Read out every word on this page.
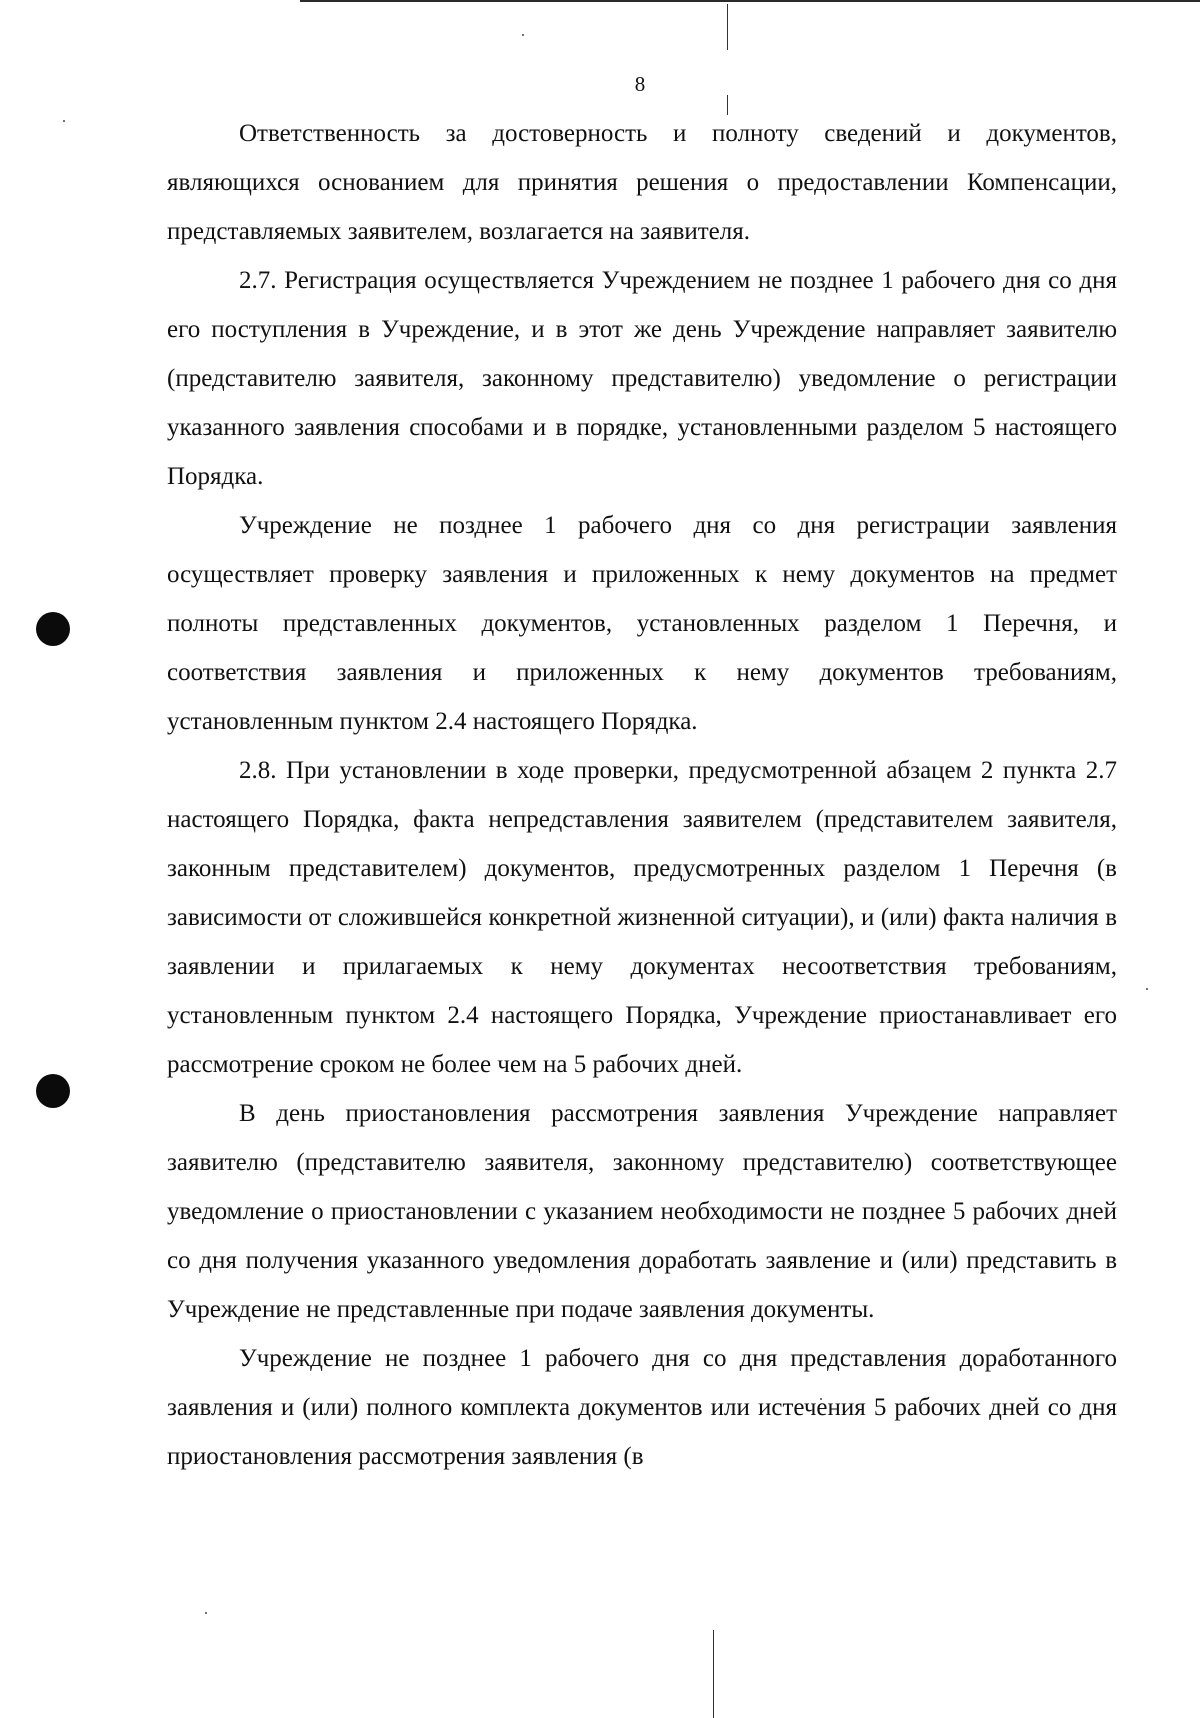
8

Ответственность за достоверность и полноту сведений и документов, являющихся основанием для принятия решения о предоставлении Компенсации, представляемых заявителем, возлагается на заявителя.

2.7. Регистрация осуществляется Учреждением не позднее 1 рабочего дня со дня его поступления в Учреждение, и в этот же день Учреждение направляет заявителю (представителю заявителя, законному представителю) уведомление о регистрации указанного заявления способами и в порядке, установленными разделом 5 настоящего Порядка.

Учреждение не позднее 1 рабочего дня со дня регистрации заявления осуществляет проверку заявления и приложенных к нему документов на предмет полноты представленных документов, установленных разделом 1 Перечня, и соответствия заявления и приложенных к нему документов требованиям, установленным пунктом 2.4 настоящего Порядка.

2.8. При установлении в ходе проверки, предусмотренной абзацем 2 пункта 2.7 настоящего Порядка, факта непредставления заявителем (представителем заявителя, законным представителем) документов, предусмотренных разделом 1 Перечня (в зависимости от сложившейся конкретной жизненной ситуации), и (или) факта наличия в заявлении и прилагаемых к нему документах несоответствия требованиям, установленным пунктом 2.4 настоящего Порядка, Учреждение приостанавливает его рассмотрение сроком не более чем на 5 рабочих дней.

В день приостановления рассмотрения заявления Учреждение направляет заявителю (представителю заявителя, законному представителю) соответствующее уведомление о приостановлении с указанием необходимости не позднее 5 рабочих дней со дня получения указанного уведомления доработать заявление и (или) представить в Учреждение не представленные при подаче заявления документы.

Учреждение не позднее 1 рабочего дня со дня представления доработанного заявления и (или) полного комплекта документов или истечения 5 рабочих дней со дня приостановления рассмотрения заявления (в
